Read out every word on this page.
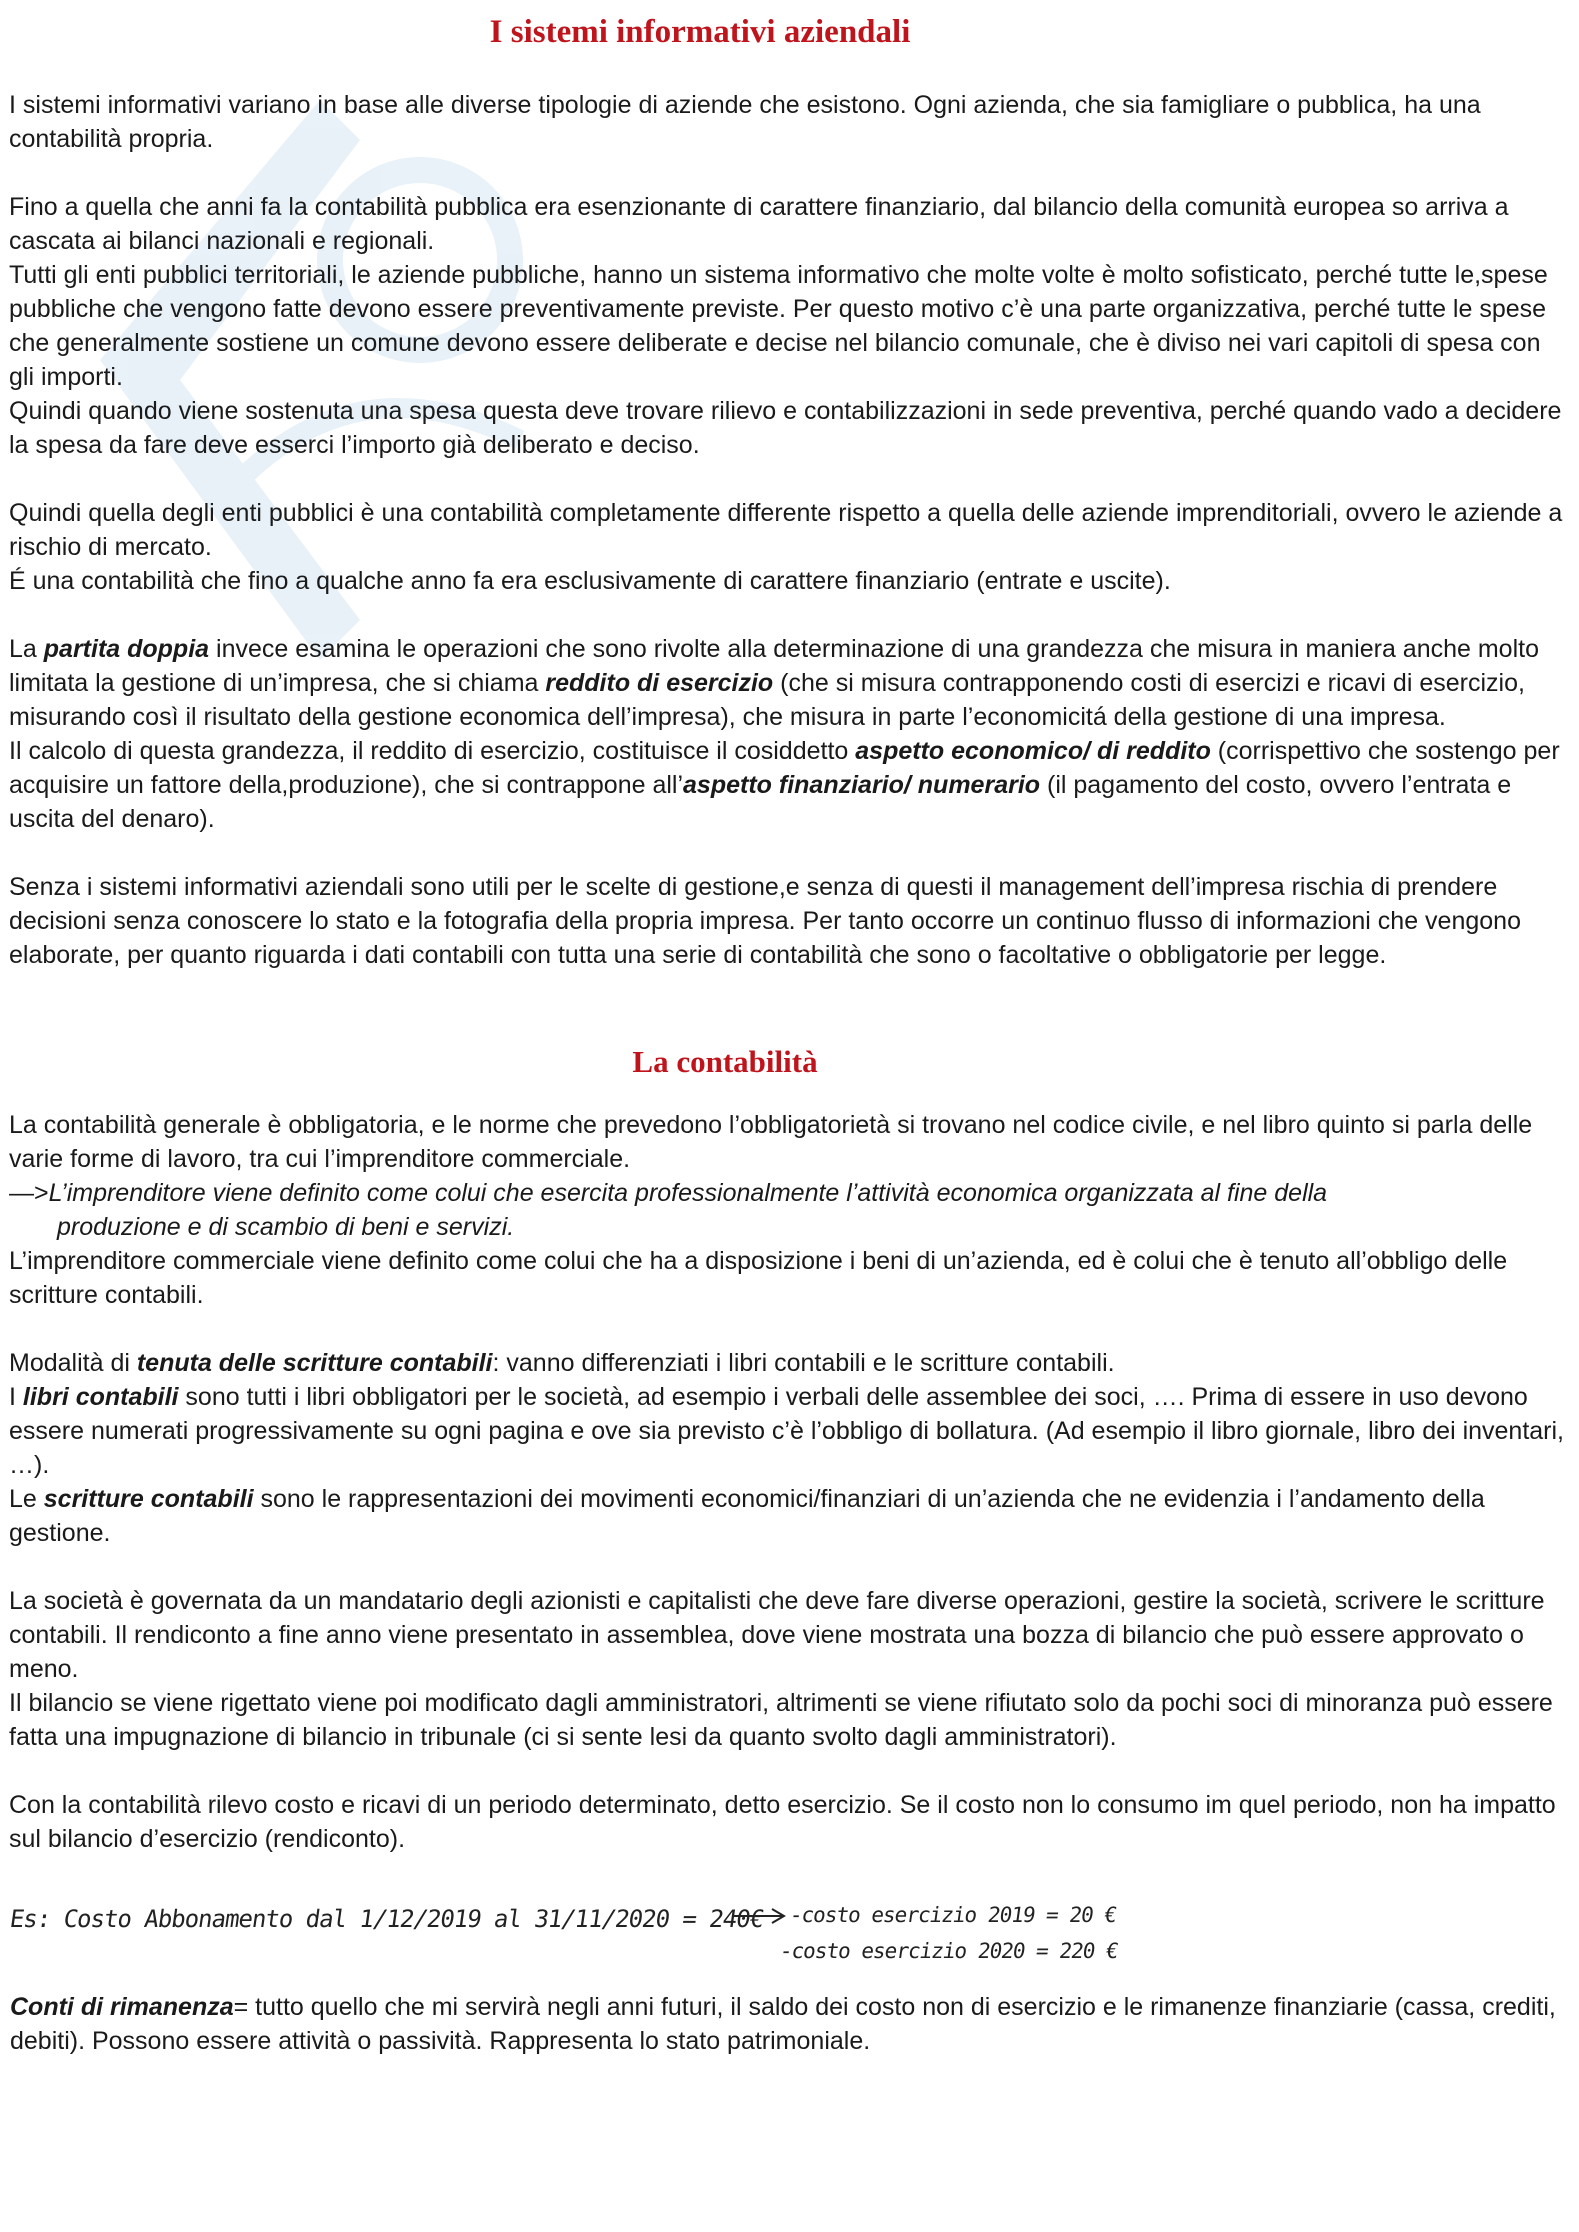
I sistemi informativi aziendali

I sistemi informativi variano in base alle diverse tipologie di aziende che esistono. Ogni azienda, che sia famigliare o pubblica, ha una contabilità propria.

Fino a quella che anni fa la contabilità pubblica era esenzionante di carattere finanziario, dal bilancio della comunità europea so arriva a cascata ai bilanci nazionali e regionali.

Tutti gli enti pubblici territoriali, le aziende pubbliche, hanno un sistema informativo che molte volte è molto sofisticato, perché tutte le,spese pubbliche che vengono fatte devono essere preventivamente previste. Per questo motivo c’è una parte organizzativa, perché tutte le spese che generalmente sostiene un comune devono essere deliberate e decise nel bilancio comunale, che è diviso nei vari capitoli di spesa con gli importi.

Quindi quando viene sostenuta una spesa questa deve trovare rilievo e contabilizzazioni in sede preventiva, perché quando vado a decidere la spesa da fare deve esserci l’importo già deliberato e deciso.

Quindi quella degli enti pubblici è una contabilità completamente differente rispetto a quella delle aziende imprenditoriali, ovvero le aziende a rischio di mercato.

É una contabilità che fino a qualche anno fa era esclusivamente di carattere finanziario (entrate e uscite).

La partita doppia invece esamina le operazioni che sono rivolte alla determinazione di una grandezza che misura in maniera anche molto limitata la gestione di un’impresa, che si chiama reddito di esercizio (che si misura contrapponendo costi di esercizi e ricavi di esercizio, misurando così il risultato della gestione economica dell’impresa), che misura in parte l’economicitá della gestione di una impresa.

Il calcolo di questa grandezza, il reddito di esercizio, costituisce il cosiddetto aspetto economico/ di reddito (corrispettivo che sostengo per acquisire un fattore della,produzione), che si contrappone all’aspetto finanziario/ numerario (il pagamento del costo, ovvero l’entrata e uscita del denaro).

Senza i sistemi informativi aziendali sono utili per le scelte di gestione,e senza di questi il management dell’impresa rischia di prendere decisioni senza conoscere lo stato e la fotografia della propria impresa. Per tanto occorre un continuo flusso di informazioni che vengono elaborate, per quanto riguarda i dati contabili con tutta una serie di contabilità che sono o facoltative o obbligatorie per legge.

La contabilità

La contabilità generale è obbligatoria, e le norme che prevedono l’obbligatorietà si trovano nel codice civile, e nel libro quinto si parla delle varie forme di lavoro, tra cui l’imprenditore commerciale.

—>L’imprenditore viene definito come colui che esercita professionalmente l’attività economica organizzata al fine della

produzione e di scambio di beni e servizi.

L’imprenditore commerciale viene definito come colui che ha a disposizione i beni di un’azienda, ed è colui che è tenuto all’obbligo delle scritture contabili.

Modalità di tenuta delle scritture contabili: vanno differenziati i libri contabili e le scritture contabili.

I libri contabili sono tutti i libri obbligatori per le società, ad esempio i verbali delle assemblee dei soci, …. Prima di essere in uso devono essere numerati progressivamente su ogni pagina e ove sia previsto c’è l’obbligo di bollatura. (Ad esempio il libro giornale, libro dei inventari, …).

Le scritture contabili sono le rappresentazioni dei movimenti economici/finanziari di un’azienda che ne evidenzia i l’andamento della gestione.

La società è governata da un mandatario degli azionisti e capitalisti che deve fare diverse operazioni, gestire la società, scrivere le scritture contabili. Il rendiconto a fine anno viene presentato in assemblea, dove viene mostrata una bozza di bilancio che può essere approvato o meno.

Il bilancio se viene rigettato viene poi modificato dagli amministratori, altrimenti se viene rifiutato solo da pochi soci di minoranza può essere fatta una impugnazione di bilancio in tribunale (ci si sente lesi da quanto svolto dagli amministratori).

Con la contabilità rilevo costo e ricavi di un periodo determinato, detto esercizio. Se il costo non lo consumo im quel periodo, non ha impatto sul bilancio d’esercizio (rendiconto).

Es: Costo Abbonamento dal 1/12/2019 al 31/11/2020 = 240€ -costo esercizio 2019 = 20 €
-costo esercizio 2020 = 220 €

Conti di rimanenza= tutto quello che mi servirà negli anni futuri, il saldo dei costo non di esercizio e le rimanenze finanziarie (cassa, crediti, debiti). Possono essere attività o passività. Rappresenta lo stato patrimoniale.
